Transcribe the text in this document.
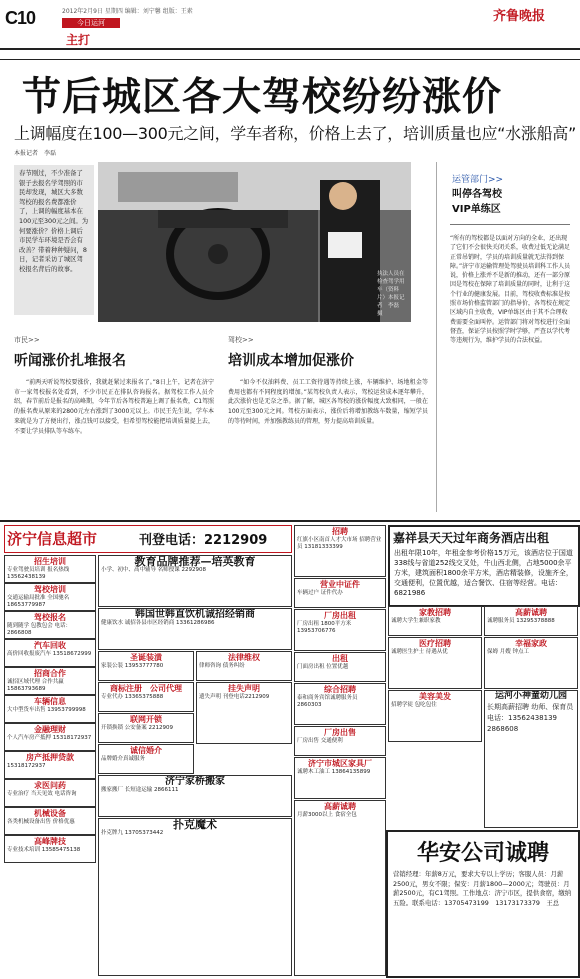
C10	2012年2月9日 星期四 编辑：刘宁馨 组版：王素
今日运河
主打
齐鲁晚报
节后城区各大驾校纷纷涨价
上调幅度在100—300元之间，学车者称，价格上去了，培训质量也应“水涨船高”
本报记者　李磊

春节刚过，不少准备了银子去报名学驾照的市民却发现，城区大多数驾校的报名费都涨价了，上调的幅度基本在100元至300元之间。为何要涨价？价格上调后市民学车环境是否会有改善？带着种种疑问，8日，记者采访了城区驾校报名背后的故事。

执法人员在检查驾学用车（资料片）本报记者　李磊　摄
运管部门>>
叫停各驾校
VIP单练区
“所有的驾校都是以面对方向的全业，还出现了它们不会很快关闭关系，收费过低无论满足正常吊销时，学员的培训质量就无法得到保障。”济宁市运输管理处驾驶员培训科工作人员说，价格上涨并不是新的推动，还有一部分原因是驾校在保障了培训质量的同时，让利于这个行业的健康发展。目前，驾校收费标准是按照市场价格监管部门的指导价，各驾校在规定区域内自主收费，VIP单练区由于其不合理收费需要全面叫停。运管部门将对驾校进行全面督查，保证学员按照学时学够，严查以学代考等违规行为，维护学员的合法权益。
市民>>
听闻涨价扎堆报名

“前两天听说驾校要涨价，我就赶紧过来报名了。”8日上午，记者在济宁市一家驾校报名处看到，不少市民正在排队咨询报名。据驾校工作人员介绍，春节前后是报名的高峰期，今年节后各驾校普遍上调了报名费，C1驾照的报名费从原来的2800元左右涨到了3000元以上。市民王先生说，学车本来就是为了方便出行，涨点钱可以接受，但希望驾校能把培训质量提上去，不要让学员排队等车练车。

驾校>>
培训成本增加促涨价

“如今不仅油料费、员工工资待遇等持续上涨，车辆维护、场地租金等费用也都有不同程度的增加。”某驾校负责人表示，驾校运营成本逐年攀升，此次涨价也是无奈之举。据了解，城区各驾校的涨价幅度大致相同，一般在100元至300元之间。驾校方面表示，涨价后将增加教练车数量，缩短学员的等待时间，并加强教练员的管理，努力提高培训质量。

济宁信息超市	刊登电话：2212909	嘉祥县天天过年商务酒店出租
出租年限10年，年租金参考价格15万元，该酒店位于国道338线与省道252线交叉处，牛山西北侧，占地5000余平方米，建筑面积1800余平方米，酒店精装修，设施齐全，交通便利，位置优越，适合餐饮、住宿等经营。电话：6821986
招生培训
专业驾驶员培训 报名热线 13562438139
驾校培训
交通运输局批准 全国驰名 18653779987
驾校报名
随到随学 包教包会 电话：2866808
汽车回收
高价回收报废汽车 13518672999
招商合作
诚招区域代理 合作共赢 15863793689
车辆信息
大中型货车出售 13953799998
金融理财
个人汽车房产抵押 15318172937
房产抵押贷款
15318172937
求医问药
专业治疗 当天见效 电话咨询
机械设备
各类机械设备出售 价格优惠
高峰牌技
专业技术培训 13585475138
教育品牌推荐—培英教育
小学、初中、高中辅导 名师授课 2292908
韩国世韩直饮机诚招经销商
健康饮水 诚招各县市区经销商 13361286986
圣诞装潢
家装公装 13953777780
商标注册　公司代理
专业代办 13365375888
联网开锁
开锁换锁 公安备案 2212909
法律维权
律师咨询 债务纠纷
诚信婚介
品牌婚介真诚服务
挂失声明
遗失声明 刊登电话2212909
济宁家桥搬家
搬家搬厂 长短途运输 2866111
扑克魔术
扑克牌九 13705373442
招聘
红旗小区南首人才大市场 招聘营业员 13181333399
营业中证件
车辆过户 证件代办
厂房出租
厂房出租 1800平方米 13953706776
出租
门面房出租 位置优越
综合招聘
泰和商务宾馆诚聘服务员 2860303
厂房出售
厂房出售 交通便利
济宁市城区家具厂
诚聘木工油工 13864135899
高薪诚聘
月薪3000以上 食宿全包
家教招聘
诚聘大学生兼职家教
高薪诚聘
诚聘服务员 13295378888
医疗招聘
诚聘医生护士 待遇从优
幸福家政
保姆 月嫂 钟点工
美容美发
招聘学徒 包吃包住
运河小神童幼儿园
长期高薪招聘 幼师、保育员 电话：13562438139 2868608
华安公司诚聘
营销经理：年薪8万元，要求大专以上学历；客服人员：月薪2500元，男女不限；保安：月薪1800—2000元；驾驶员：月薪2500元，有C1驾照。工作地点：济宁市区，提供食宿，缴纳五险。联系电话：13705473199　13173173379　王总
